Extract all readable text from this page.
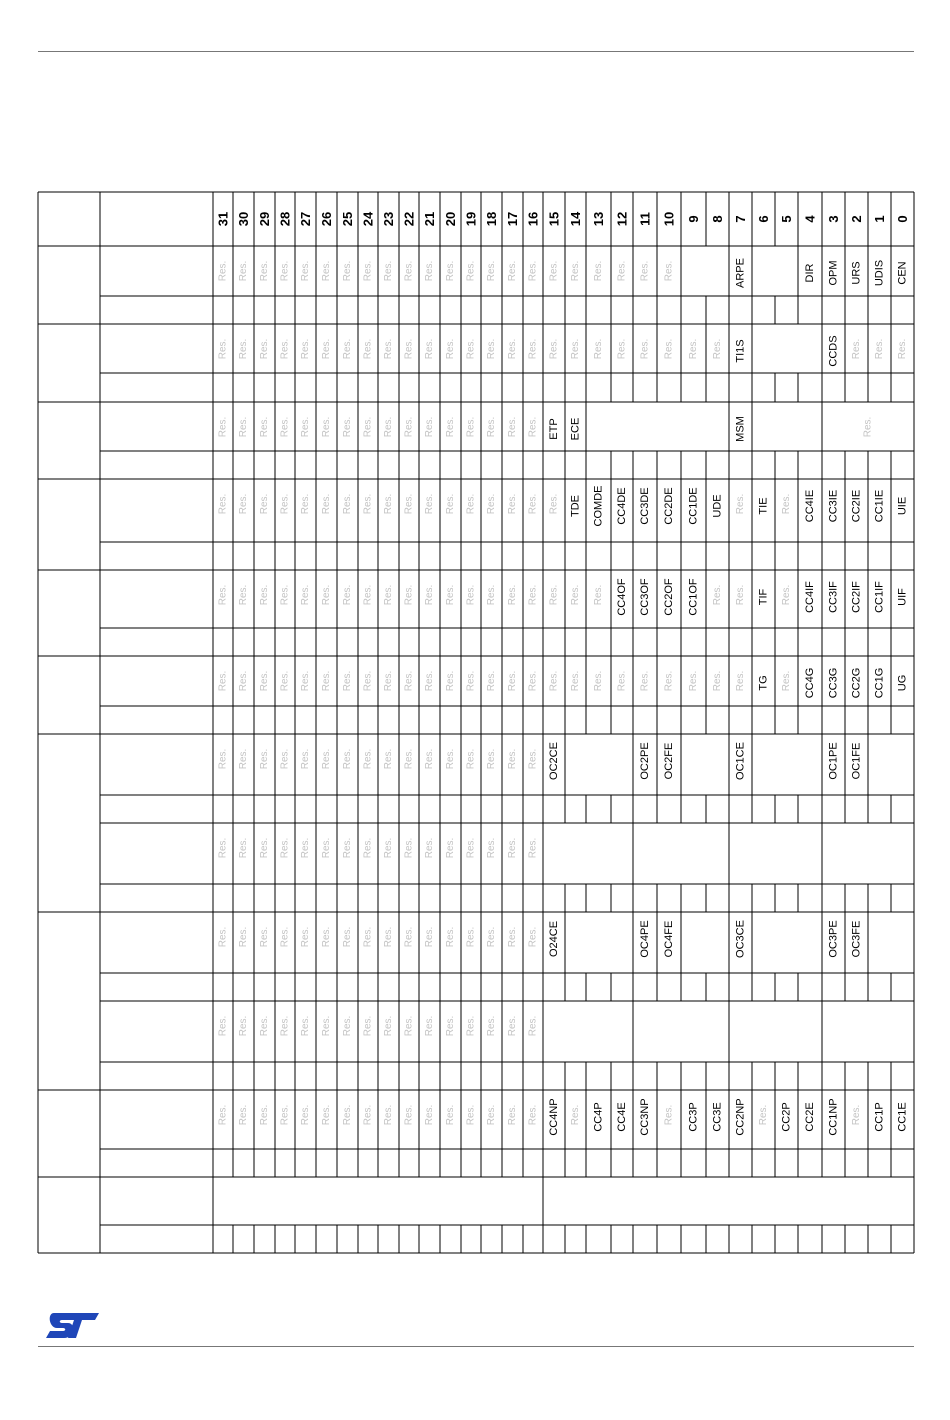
31 30 29 28 27 26 25 24 23 22 21 20 19 18 17 16 15 14 13 12 11 10 9 8 7 6 5 4 3 2 1 0
Res. Res. Res. Res. Res. Res. Res. Res. Res. Res. Res. Res. Res. Res. Res. Res. Res. Res. Res. Res. Res. Res.	ARPE	DIR OPM URS UDIS CEN
Res. Res. Res. Res. Res. Res. Res. Res. Res. Res. Res. Res. Res. Res. Res. Res. Res. Res. Res. Res. Res. Res. Res. Res. TI1S	CCDS Res. Res. Res.
Res. Res. Res. Res. Res. Res. Res. Res. Res. Res. Res. Res. Res. Res. Res. Res. ETP ECE	MSM	Res.
Res. Res. Res. Res. Res. Res. Res. Res. Res. Res. Res. Res. Res. Res. Res. Res. Res. TDE COMDE CC4DE CC3DE CC2DE CC1DE UDE Res. TIE Res. CC4IE CC3IE CC2IE CC1IE UIE
Res. Res. Res. Res. Res. Res. Res. Res. Res. Res. Res. Res. Res. Res. Res. Res. Res. Res. Res. CC4OF CC3OF CC2OF CC1OF Res. Res. TIF Res. CC4IF CC3IF CC2IF CC1IF UIF
Res. Res. Res. Res. Res. Res. Res. Res. Res. Res. Res. Res. Res. Res. Res. Res. Res. Res. Res. Res. Res. Res. Res. Res. Res. TG Res. CC4G CC3G CC2G CC1G UG
Res. Res. Res. Res. Res. Res. Res. Res. Res. Res. Res. Res. Res. Res. Res. Res. OC2CE	OC2PE OC2FE	OC1CE	OC1PE OC1FE
Res. Res. Res. Res. Res. Res. Res. Res. Res. Res. Res. Res. Res. Res. Res. Res.
Res. Res. Res. Res. Res. Res. Res. Res. Res. Res. Res. Res. Res. Res. Res. Res. O24CE	OC4PE OC4FE	OC3CE	OC3PE OC3FE
Res. Res. Res. Res. Res. Res. Res. Res. Res. Res. Res. Res. Res. Res. Res. Res.
Res. Res. Res. Res. Res. Res. Res. Res. Res. Res. Res. Res. Res. Res. Res. Res. CC4NP Res. CC4P CC4E CC3NP Res. CC3P CC3E CC2NP Res. CC2P CC2E CC1NP Res. CC1P CC1E
